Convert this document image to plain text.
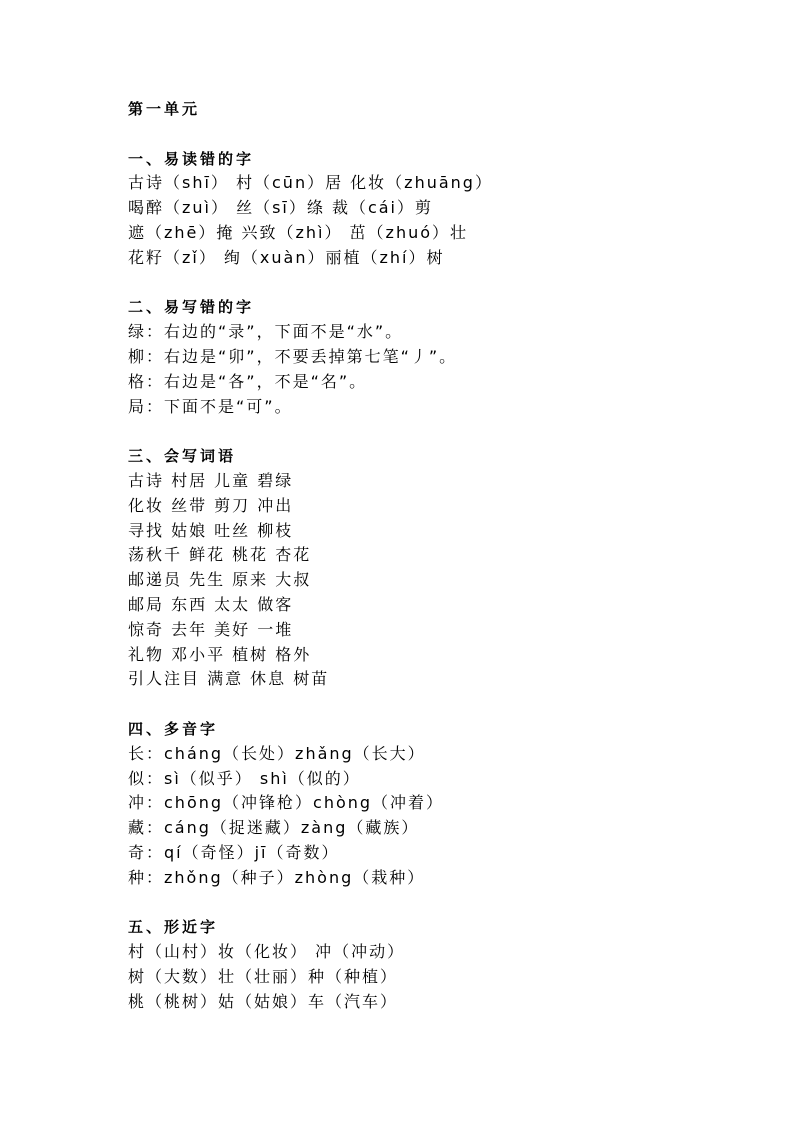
第一单元
一、易读错的字
古诗（shī） 村（cūn）居 化妆（zhuāng）
喝醉（zuì） 丝（sī）绦 裁（cái）剪
遮（zhē）掩 兴致（zhì） 茁（zhuó）壮
花籽（zǐ） 绚（xuàn）丽植（zhí）树
二、易写错的字
绿：右边的“录”，下面不是“水”。
柳：右边是“卯”，不要丢掉第七笔“丿”。
格：右边是“各”，不是“名”。
局：下面不是“可”。
三、会写词语
古诗 村居 儿童 碧绿
化妆 丝带 剪刀 冲出
寻找 姑娘 吐丝 柳枝
荡秋千 鲜花 桃花 杏花
邮递员 先生 原来 大叔
邮局 东西 太太 做客
惊奇 去年 美好 一堆
礼物 邓小平 植树 格外
引人注目 满意 休息 树苗
四、多音字
长：cháng（长处）zhǎng（长大）
似：sì（似乎） shì（似的）
冲：chōng（冲锋枪）chòng（冲着）
藏：cáng（捉迷藏）zàng（藏族）
奇：qí（奇怪）jī（奇数）
种：zhǒng（种子）zhòng（栽种）
五、形近字
村（山村）妆（化妆） 冲（冲动）
树（大数）壮（壮丽）种（种植）
桃（桃树）姑（姑娘）车（汽车）
